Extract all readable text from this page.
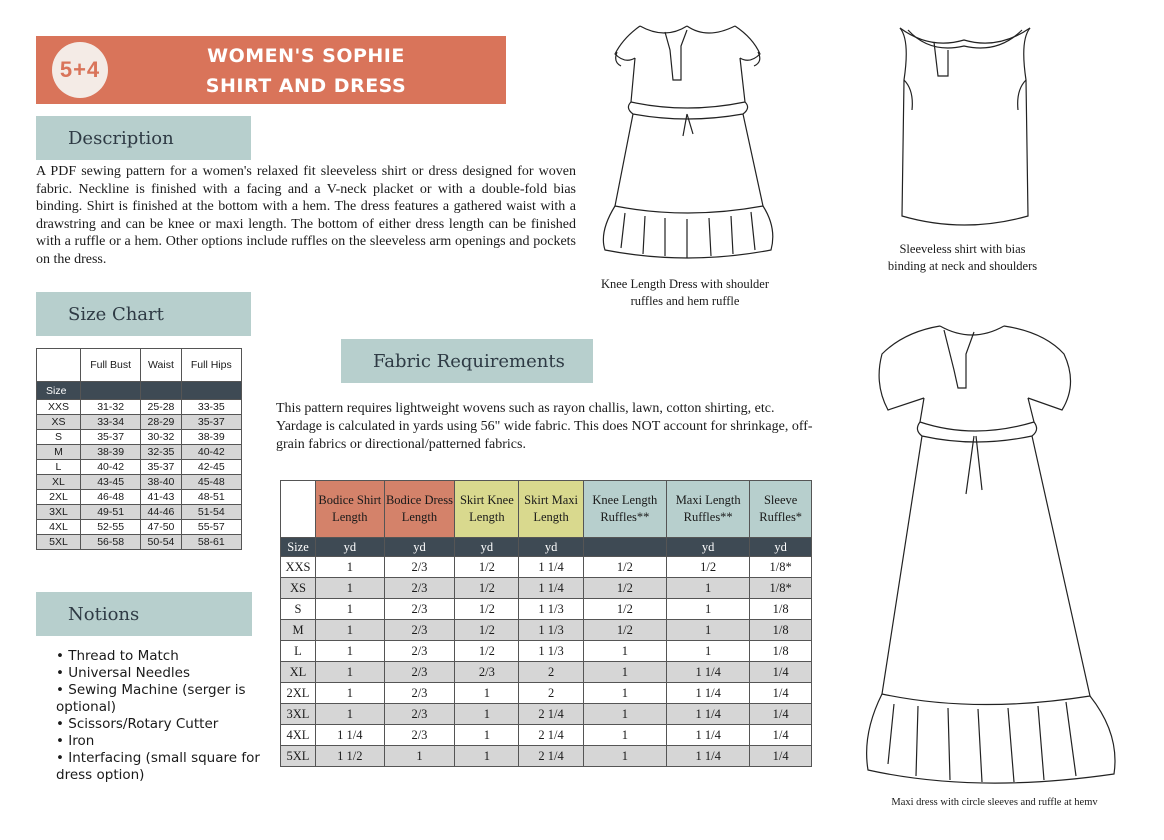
5+4
WOMEN'S SOPHIE
SHIRT AND DRESS
Description
A PDF sewing pattern for a women's relaxed fit sleeveless shirt or dress designed for woven fabric. Neckline is finished with a facing and a V-neck placket or with a double-fold bias binding. Shirt is finished at the bottom with a hem. The dress features a gathered waist with a drawstring and can be knee or maxi length. The bottom of either dress length can be finished with a ruffle or a hem. Other options include ruffles on the sleeveless arm openings and pockets on the dress.
Size Chart
	Full Bust	Waist	Full Hips
Size			
XXS	31-32	25-28	33-35
XS	33-34	28-29	35-37
S	35-37	30-32	38-39
M	38-39	32-35	40-42
L	40-42	35-37	42-45
XL	43-45	38-40	45-48
2XL	46-48	41-43	48-51
3XL	49-51	44-46	51-54
4XL	52-55	47-50	55-57
5XL	56-58	50-54	58-61
Notions
• Thread to Match
• Universal Needles
• Sewing Machine (serger is optional)
• Scissors/Rotary Cutter
• Iron
• Interfacing (small square for dress option)
Fabric Requirements
This pattern requires lightweight wovens such as rayon challis, lawn, cotton shirting, etc. Yardage is calculated in yards using 56" wide fabric. This does NOT account for shrinkage, off-grain fabrics or directional/patterned fabrics.
	Bodice Shirt Length	Bodice Dress Length	Skirt Knee Length	Skirt Maxi Length	Knee Length Ruffles**	Maxi Length Ruffles**	Sleeve Ruffles*
Size	yd	yd	yd	yd		yd	yd
XXS	1	2/3	1/2	1 1/4	1/2	1/2	1/8*
XS	1	2/3	1/2	1 1/4	1/2	1	1/8*
S	1	2/3	1/2	1 1/3	1/2	1	1/8
M	1	2/3	1/2	1 1/3	1/2	1	1/8
L	1	2/3	1/2	1 1/3	1	1	1/8
XL	1	2/3	2/3	2	1	1 1/4	1/4
2XL	1	2/3	1	2	1	1 1/4	1/4
3XL	1	2/3	1	2 1/4	1	1 1/4	1/4
4XL	1 1/4	2/3	1	2 1/4	1	1 1/4	1/4
5XL	1 1/2	1	1	2 1/4	1	1 1/4	1/4
Knee Length Dress with shoulder ruffles and hem ruffle
Sleeveless shirt with bias binding at neck and shoulders
Maxi dress with circle sleeves and ruffle at hemv
